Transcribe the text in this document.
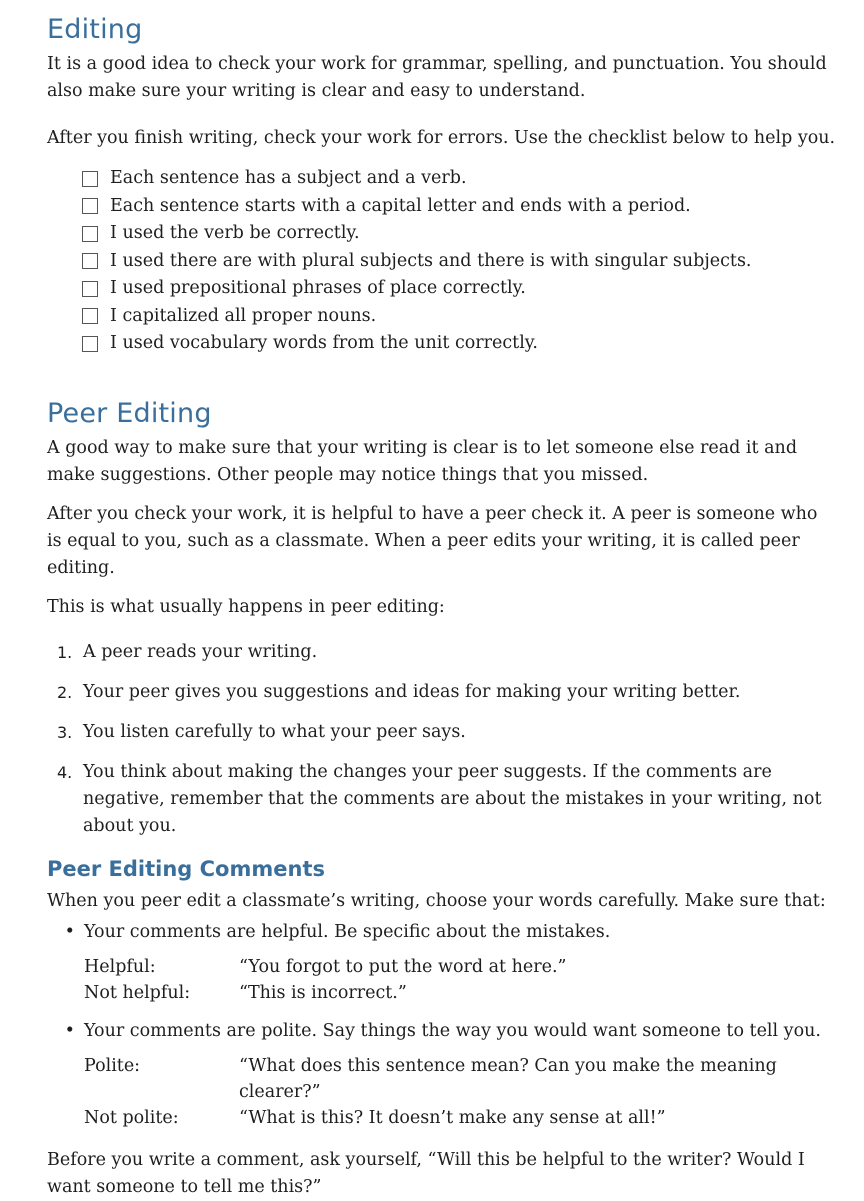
Editing

It is a good idea to check your work for grammar, spelling, and punctuation. You should also make sure your writing is clear and easy to understand.

After you finish writing, check your work for errors. Use the checklist below to help you.

Each sentence has a subject and a verb.
Each sentence starts with a capital letter and ends with a period.
I used the verb be correctly.
I used there are with plural subjects and there is with singular subjects.
I used prepositional phrases of place correctly.
I capitalized all proper nouns.
I used vocabulary words from the unit correctly.
Peer Editing

A good way to make sure that your writing is clear is to let someone else read it and make suggestions. Other people may notice things that you missed.

After you check your work, it is helpful to have a peer check it. A peer is someone who is equal to you, such as a classmate. When a peer edits your writing, it is called peer editing.

This is what usually happens in peer editing:

1. A peer reads your writing.
2. Your peer gives you suggestions and ideas for making your writing better.
3. You listen carefully to what your peer says.
4. You think about making the changes your peer suggests. If the comments are negative, remember that the comments are about the mistakes in your writing, not about you.
Peer Editing Comments

When you peer edit a classmate’s writing, choose your words carefully. Make sure that:

• Your comments are helpful. Be specific about the mistakes.
Helpful:	“You forgot to put the word at here.”
Not helpful:	“This is incorrect.”
• Your comments are polite. Say things the way you would want someone to tell you.
Polite:	“What does this sentence mean? Can you make the meaning clearer?”
Not polite:	“What is this? It doesn’t make any sense at all!”

Before you write a comment, ask yourself, “Will this be helpful to the writer? Would I want someone to tell me this?”
